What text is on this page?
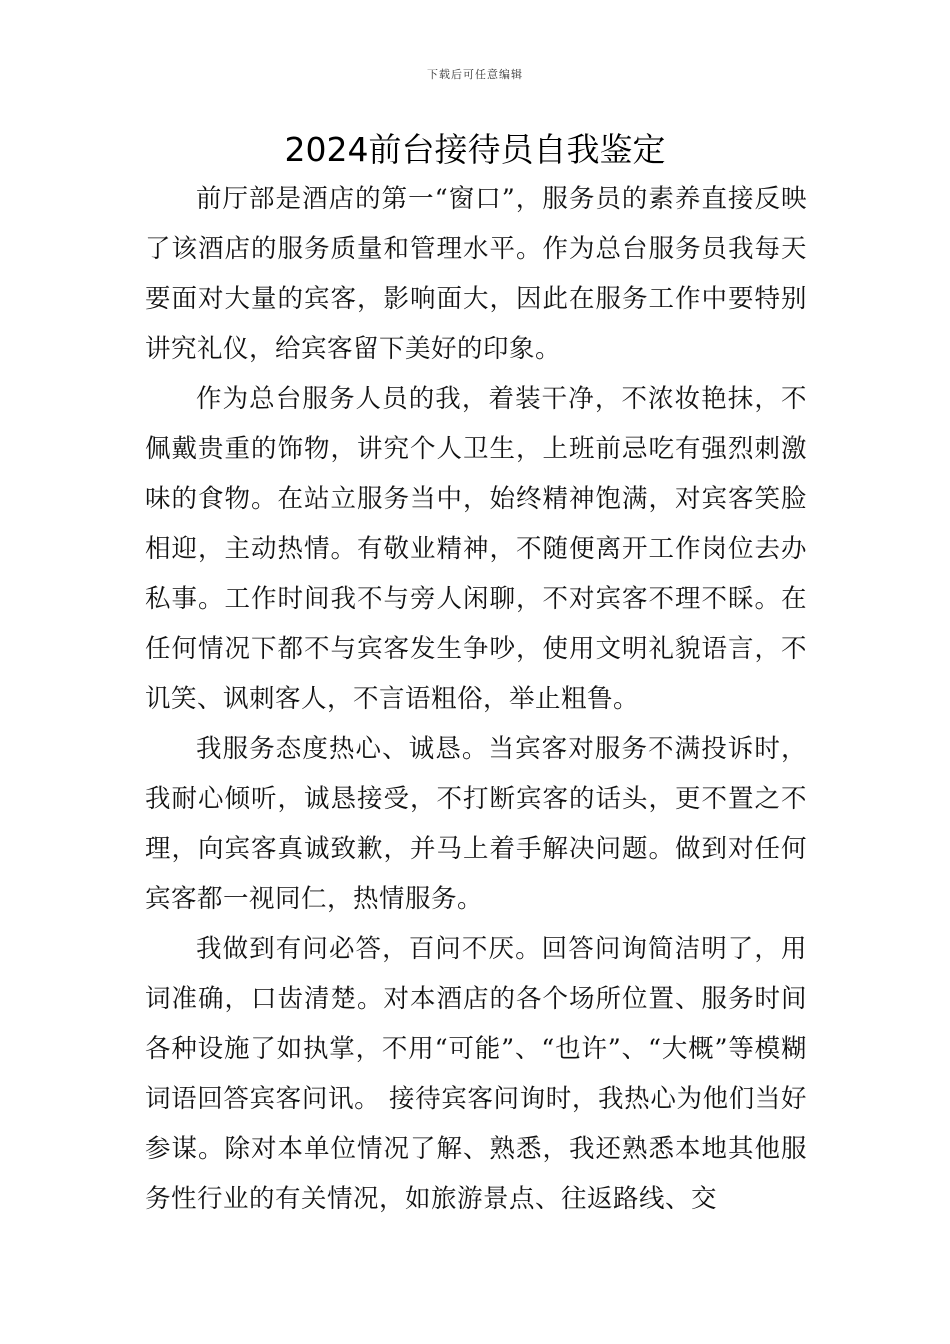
下载后可任意编辑
2024前台接待员自我鉴定

前厅部是酒店的第一“窗口”，服务员的素养直接反映了该酒店的服务质量和管理水平。作为总台服务员我每天要面对大量的宾客，影响面大，因此在服务工作中要特别讲究礼仪，给宾客留下美好的印象。

作为总台服务人员的我，着装干净，不浓妆艳抹，不佩戴贵重的饰物，讲究个人卫生，上班前忌吃有强烈刺激味的食物。在站立服务当中，始终精神饱满，对宾客笑脸相迎，主动热情。有敬业精神，不随便离开工作岗位去办私事。工作时间我不与旁人闲聊，不对宾客不理不睬。在任何情况下都不与宾客发生争吵，使用文明礼貌语言，不讥笑、讽刺客人，不言语粗俗，举止粗鲁。

我服务态度热心、诚恳。当宾客对服务不满投诉时，我耐心倾听，诚恳接受，不打断宾客的话头，更不置之不理，向宾客真诚致歉，并马上着手解决问题。做到对任何宾客都一视同仁，热情服务。

我做到有问必答，百问不厌。回答问询简洁明了，用词准确，口齿清楚。对本酒店的各个场所位置、服务时间各种设施了如执掌，不用“可能”、“也许”、“大概”等模糊词语回答宾客问讯。 接待宾客问询时，我热心为他们当好参谋。除对本单位情况了解、熟悉，我还熟悉本地其他服务性行业的有关情况，如旅游景点、往返路线、交
